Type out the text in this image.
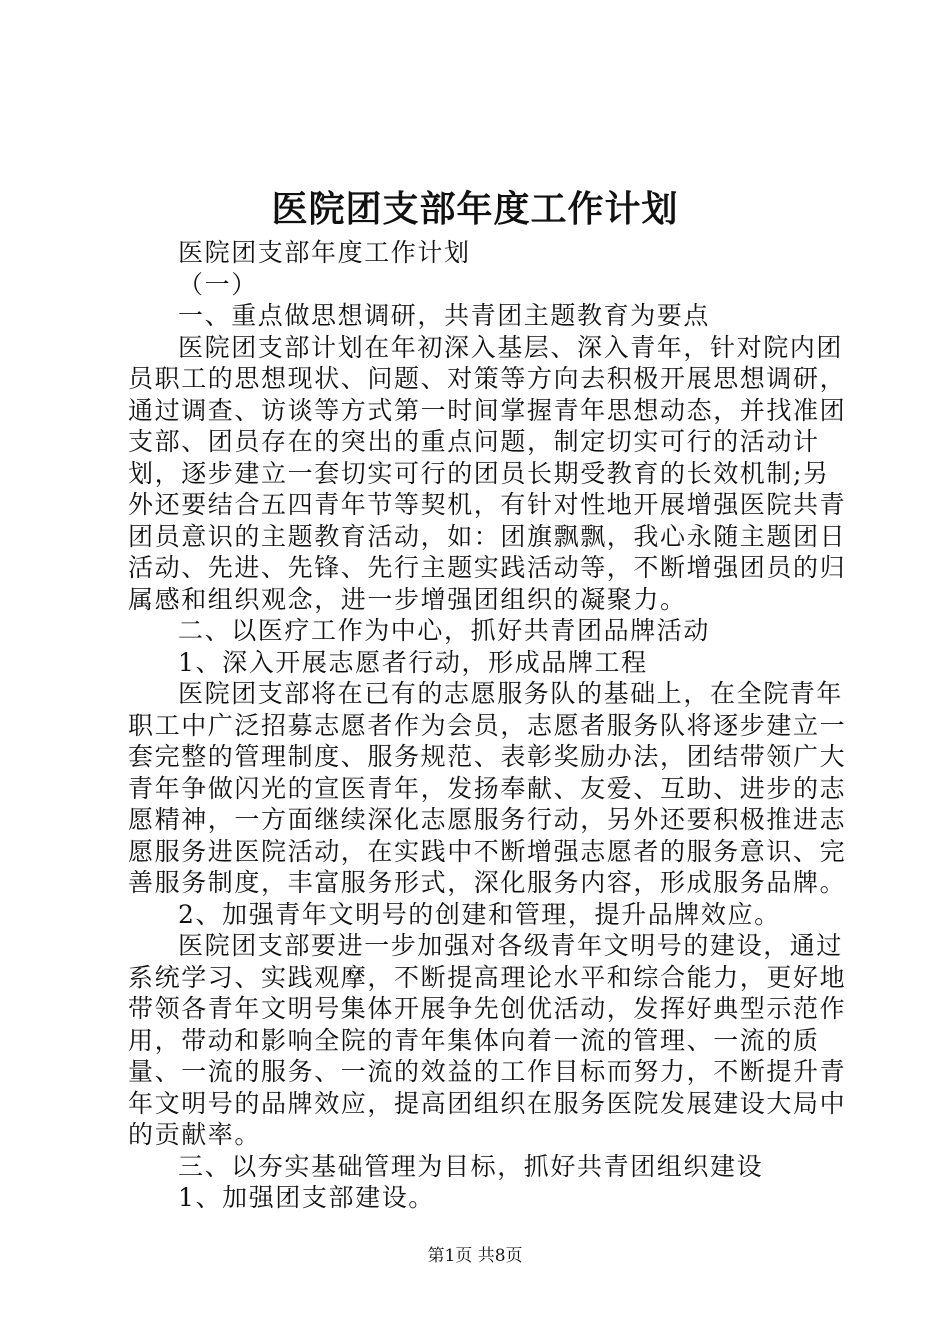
医院团支部年度工作计划

医院团支部年度工作计划

（一）

一、重点做思想调研，共青团主题教育为要点

医院团支部计划在年初深入基层、深入青年，针对院内团员职工的思想现状、问题、对策等方向去积极开展思想调研，通过调查、访谈等方式第一时间掌握青年思想动态，并找准团支部、团员存在的突出的重点问题，制定切实可行的活动计划，逐步建立一套切实可行的团员长期受教育的长效机制;另外还要结合五四青年节等契机，有针对性地开展增强医院共青团员意识的主题教育活动，如：团旗飘飘，我心永随主题团日活动、先进、先锋、先行主题实践活动等，不断增强团员的归属感和组织观念，进一步增强团组织的凝聚力。

二、以医疗工作为中心，抓好共青团品牌活动

1、深入开展志愿者行动，形成品牌工程

医院团支部将在已有的志愿服务队的基础上，在全院青年职工中广泛招募志愿者作为会员，志愿者服务队将逐步建立一套完整的管理制度、服务规范、表彰奖励办法，团结带领广大青年争做闪光的宣医青年，发扬奉献、友爱、互助、进步的志愿精神，一方面继续深化志愿服务行动，另外还要积极推进志愿服务进医院活动，在实践中不断增强志愿者的服务意识、完善服务制度，丰富服务形式，深化服务内容，形成服务品牌。

2、加强青年文明号的创建和管理，提升品牌效应。

医院团支部要进一步加强对各级青年文明号的建设，通过系统学习、实践观摩，不断提高理论水平和综合能力，更好地带领各青年文明号集体开展争先创优活动，发挥好典型示范作用，带动和影响全院的青年集体向着一流的管理、一流的质量、一流的服务、一流的效益的工作目标而努力，不断提升青年文明号的品牌效应，提高团组织在服务医院发展建设大局中的贡献率。

三、以夯实基础管理为目标，抓好共青团组织建设

1、加强团支部建设。

第1页 共8页
